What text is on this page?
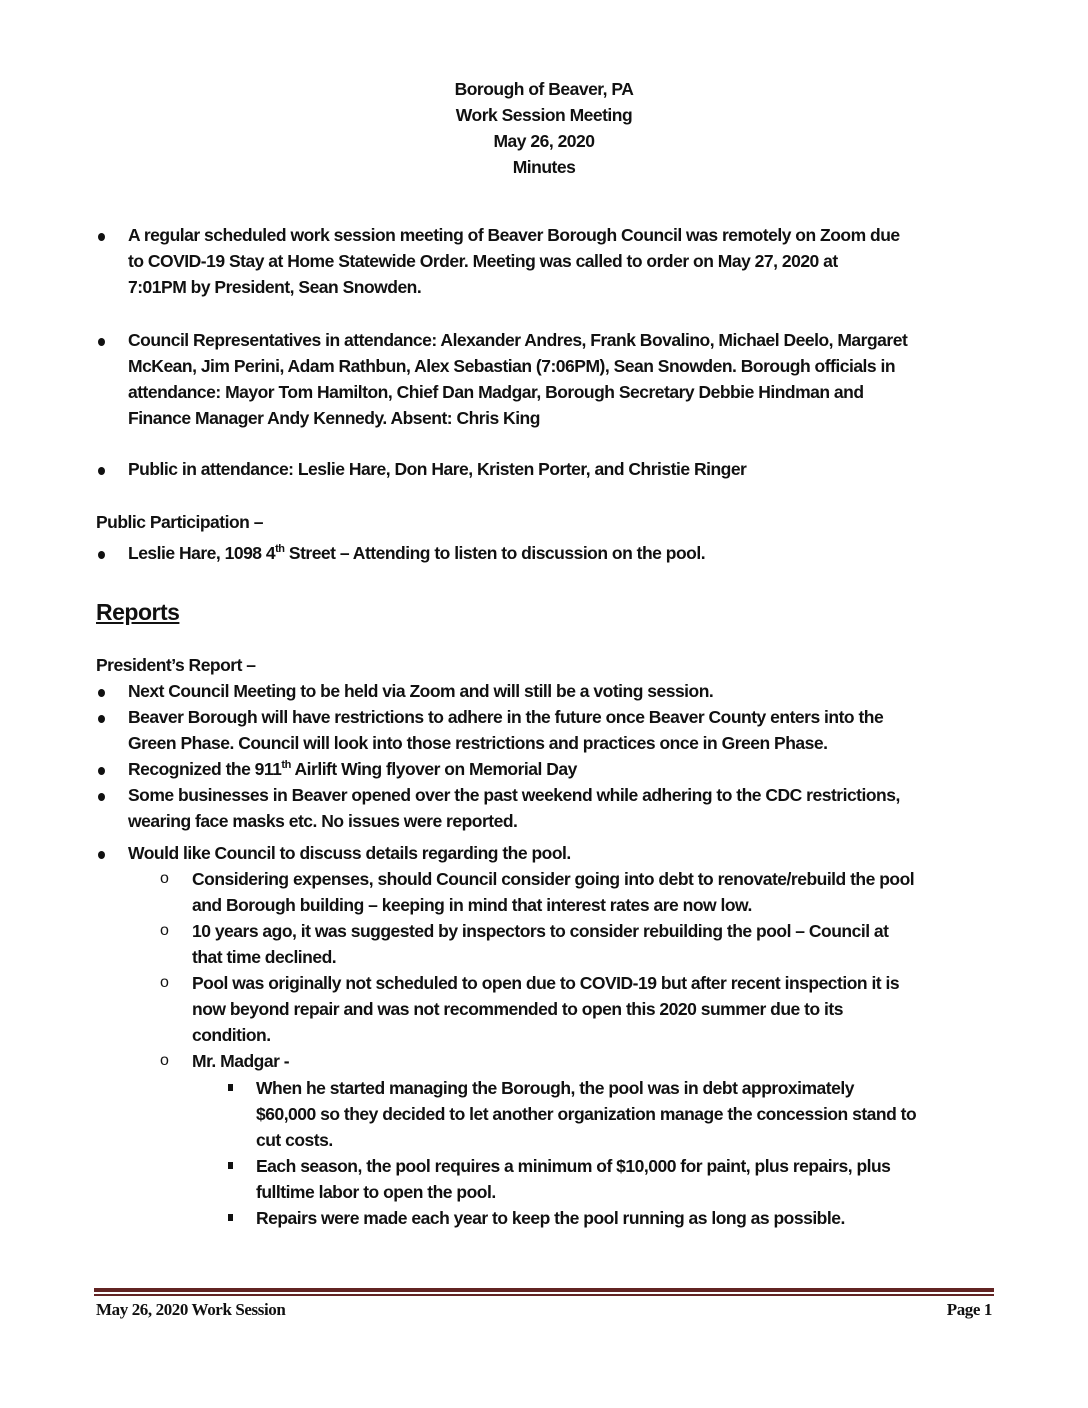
Borough of Beaver, PA
Work Session Meeting
May 26, 2020
Minutes
A regular scheduled work session meeting of Beaver Borough Council was remotely on Zoom due
to COVID-19 Stay at Home Statewide Order. Meeting was called to order on May 27, 2020 at
7:01PM by President, Sean Snowden.
Council Representatives in attendance: Alexander Andres, Frank Bovalino, Michael Deelo, Margaret
McKean, Jim Perini, Adam Rathbun, Alex Sebastian (7:06PM), Sean Snowden. Borough officials in
attendance: Mayor Tom Hamilton, Chief Dan Madgar, Borough Secretary Debbie Hindman and
Finance Manager Andy Kennedy. Absent: Chris King
Public in attendance: Leslie Hare, Don Hare, Kristen Porter, and Christie Ringer
Public Participation –
Leslie Hare, 1098 4th Street – Attending to listen to discussion on the pool.
Reports
President’s Report –
Next Council Meeting to be held via Zoom and will still be a voting session.
Beaver Borough will have restrictions to adhere in the future once Beaver County enters into the
Green Phase. Council will look into those restrictions and practices once in Green Phase.
Recognized the 911th Airlift Wing flyover on Memorial Day
Some businesses in Beaver opened over the past weekend while adhering to the CDC restrictions,
wearing face masks etc. No issues were reported.
Would like Council to discuss details regarding the pool.
o Considering expenses, should Council consider going into debt to renovate/rebuild the pool
and Borough building – keeping in mind that interest rates are now low.
o 10 years ago, it was suggested by inspectors to consider rebuilding the pool – Council at
that time declined.
o Pool was originally not scheduled to open due to COVID-19 but after recent inspection it is
now beyond repair and was not recommended to open this 2020 summer due to its
condition.
o Mr. Madgar -
When he started managing the Borough, the pool was in debt approximately
$60,000 so they decided to let another organization manage the concession stand to
cut costs.
Each season, the pool requires a minimum of $10,000 for paint, plus repairs, plus
fulltime labor to open the pool.
Repairs were made each year to keep the pool running as long as possible.
May 26, 2020 Work Session	Page 1
